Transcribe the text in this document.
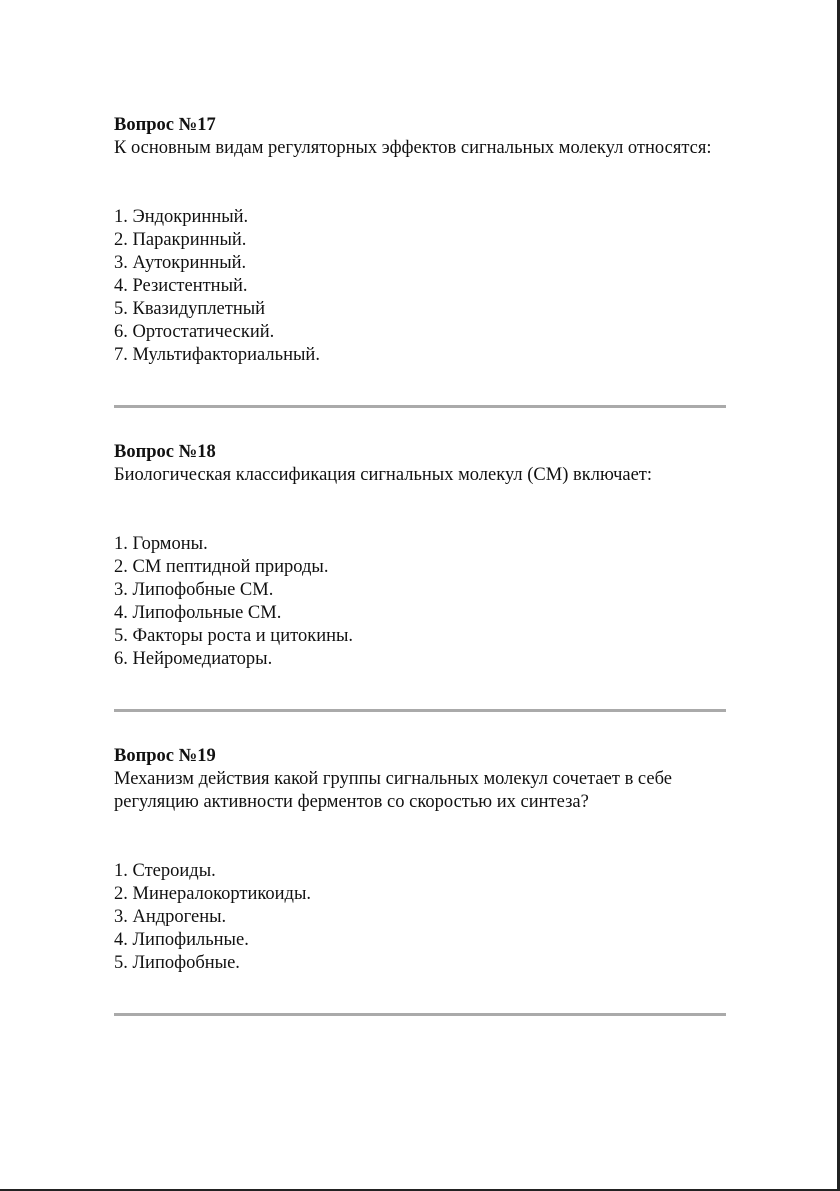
Вопрос №17

К основным видам регуляторных эффектов сигнальных молекул относятся:

1. Эндокринный.
2. Паракринный.
3. Аутокринный.
4. Резистентный.
5. Квазидуплетный
6. Ортостатический.
7. Мультифакториальный.

Вопрос №18

Биологическая классификация сигнальных молекул (СМ) включает:

1. Гормоны.
2. СМ пептидной природы.
3. Липофобные СМ.
4. Липофольные СМ.
5. Факторы роста и цитокины.
6. Нейромедиаторы.

Вопрос №19

Механизм действия какой группы сигнальных молекул сочетает в себе регуляцию активности ферментов со скоростью их синтеза?

1. Стероиды.
2. Минералокортикоиды.
3. Андрогены.
4. Липофильные.
5. Липофобные.
